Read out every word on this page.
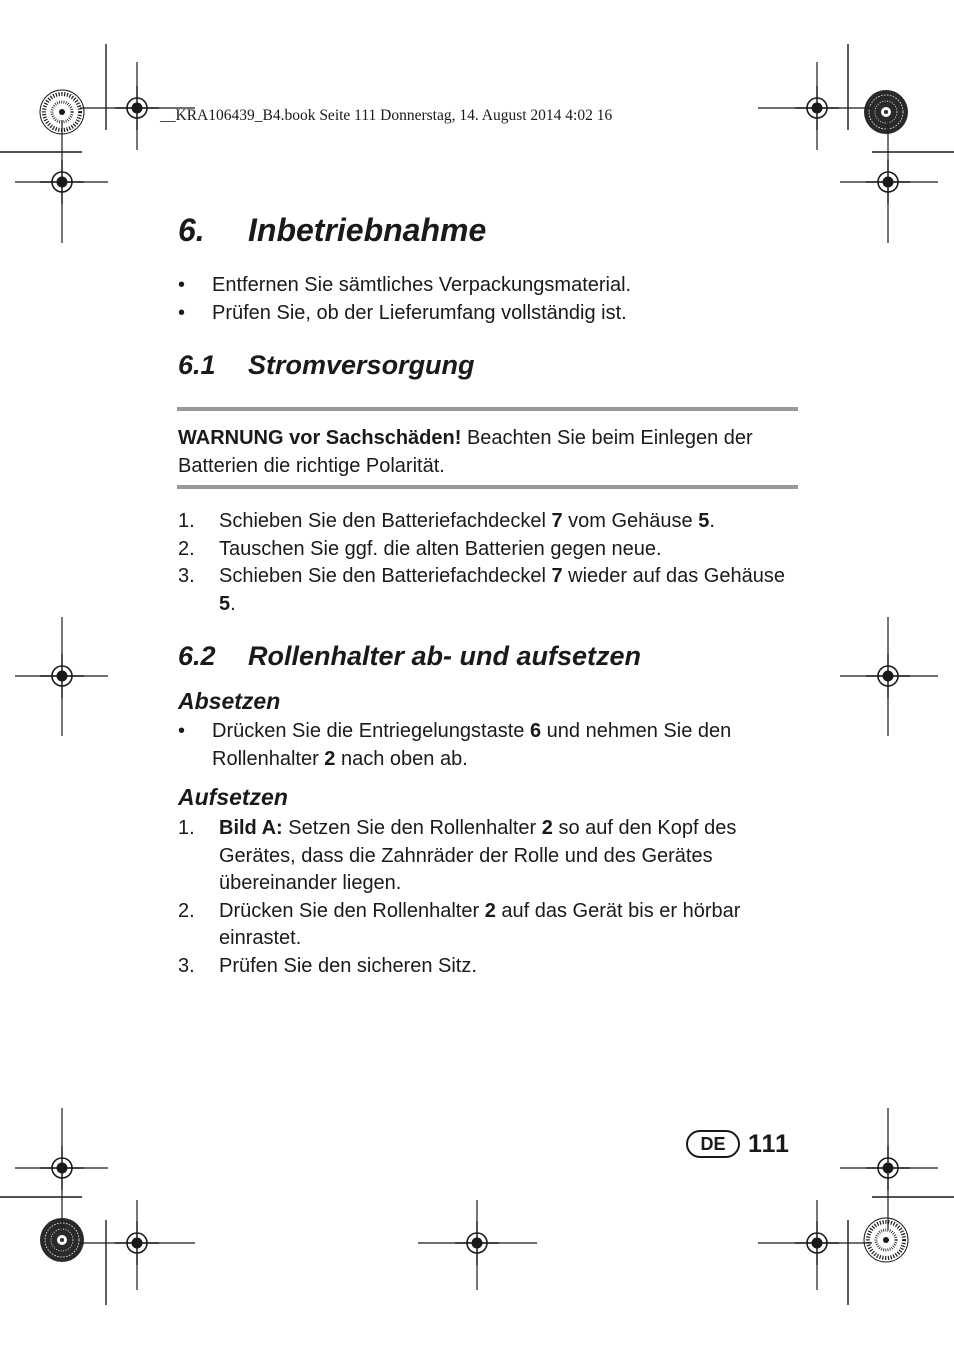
__KRA106439_B4.book Seite 111 Donnerstag, 14. August 2014 4:02 16
6. Inbetriebnahme
• Entfernen Sie sämtliches Verpackungsmaterial.
• Prüfen Sie, ob der Lieferumfang vollständig ist.
6.1 Stromversorgung

WARNUNG vor Sachschäden! Beachten Sie beim Einlegen der Batterien die richtige Polarität.

1. Schieben Sie den Batteriefachdeckel 7 vom Gehäuse 5.
2. Tauschen Sie ggf. die alten Batterien gegen neue.
3. Schieben Sie den Batteriefachdeckel 7 wieder auf das Gehäuse 5.
6.2 Rollenhalter ab- und aufsetzen
Absetzen
• Drücken Sie die Entriegelungstaste 6 und nehmen Sie den Rollenhalter 2 nach oben ab.
Aufsetzen
1. Bild A: Setzen Sie den Rollenhalter 2 so auf den Kopf des Gerätes, dass die Zahnräder der Rolle und des Gerätes übereinander liegen.
2. Drücken Sie den Rollenhalter 2 auf das Gerät bis er hörbar einrastet.
3. Prüfen Sie den sicheren Sitz.
DE 111
